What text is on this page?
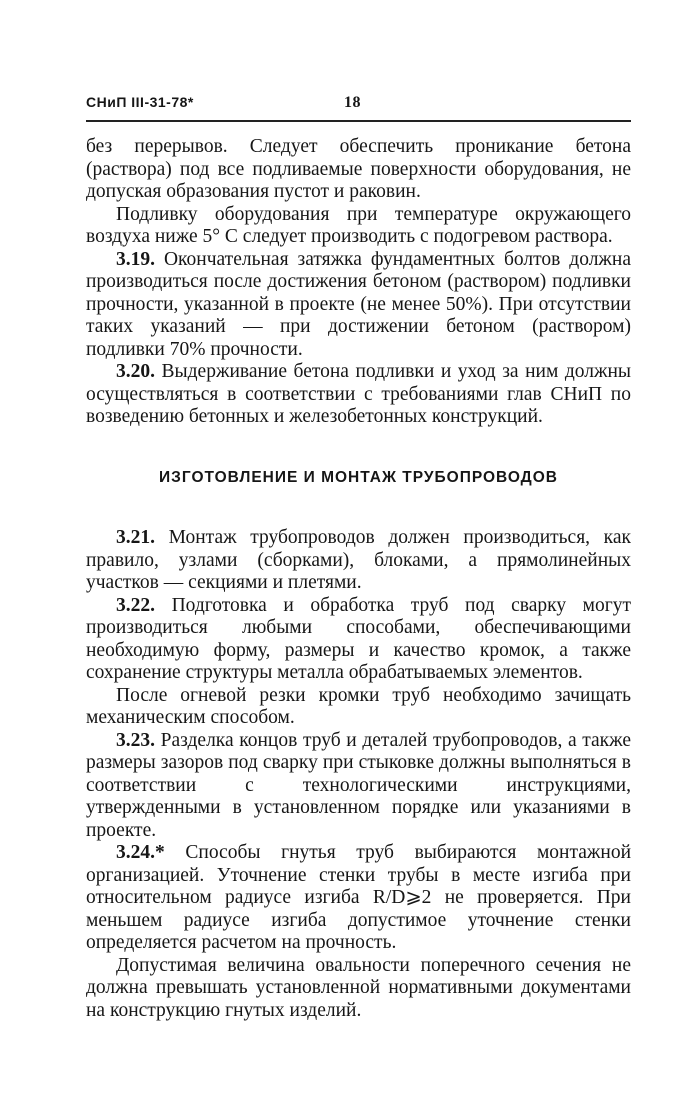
СНиП III-31-78*	18

без перерывов. Следует обеспечить проникание бетона (раствора) под все подливаемые поверхности оборудования, не допуская образования пустот и раковин.

Подливку оборудования при температуре окружающего воздуха ниже 5° С следует производить с подогревом раствора.

3.19. Окончательная затяжка фундаментных болтов должна производиться после достижения бетоном (раствором) подливки прочности, указанной в проекте (не менее 50%). При отсутствии таких указаний — при достижении бетоном (раствором) подливки 70% прочности.

3.20. Выдерживание бетона подливки и уход за ним должны осуществляться в соответствии с требованиями глав СНиП по возведению бетонных и железобетонных конструкций.

ИЗГОТОВЛЕНИЕ И МОНТАЖ ТРУБОПРОВОДОВ

3.21. Монтаж трубопроводов должен производиться, как правило, узлами (сборками), блоками, а прямолинейных участков — секциями и плетями.

3.22. Подготовка и обработка труб под сварку могут производиться любыми способами, обеспечивающими необходимую форму, размеры и качество кромок, а также сохранение структуры металла обрабатываемых элементов.

После огневой резки кромки труб необходимо зачищать механическим способом.

3.23. Разделка концов труб и деталей трубопроводов, а также размеры зазоров под сварку при стыковке должны выполняться в соответствии с технологическими инструкциями, утвержденными в установленном порядке или указаниями в проекте.

3.24.* Способы гнутья труб выбираются монтажной организацией. Уточнение стенки трубы в месте изгиба при относительном радиусе изгиба R/D⩾2 не проверяется. При меньшем радиусе изгиба допустимое уточнение стенки определяется расчетом на прочность.

Допустимая величина овальности поперечного сечения не должна превышать установленной нормативными документами на конструкцию гнутых изделий.
